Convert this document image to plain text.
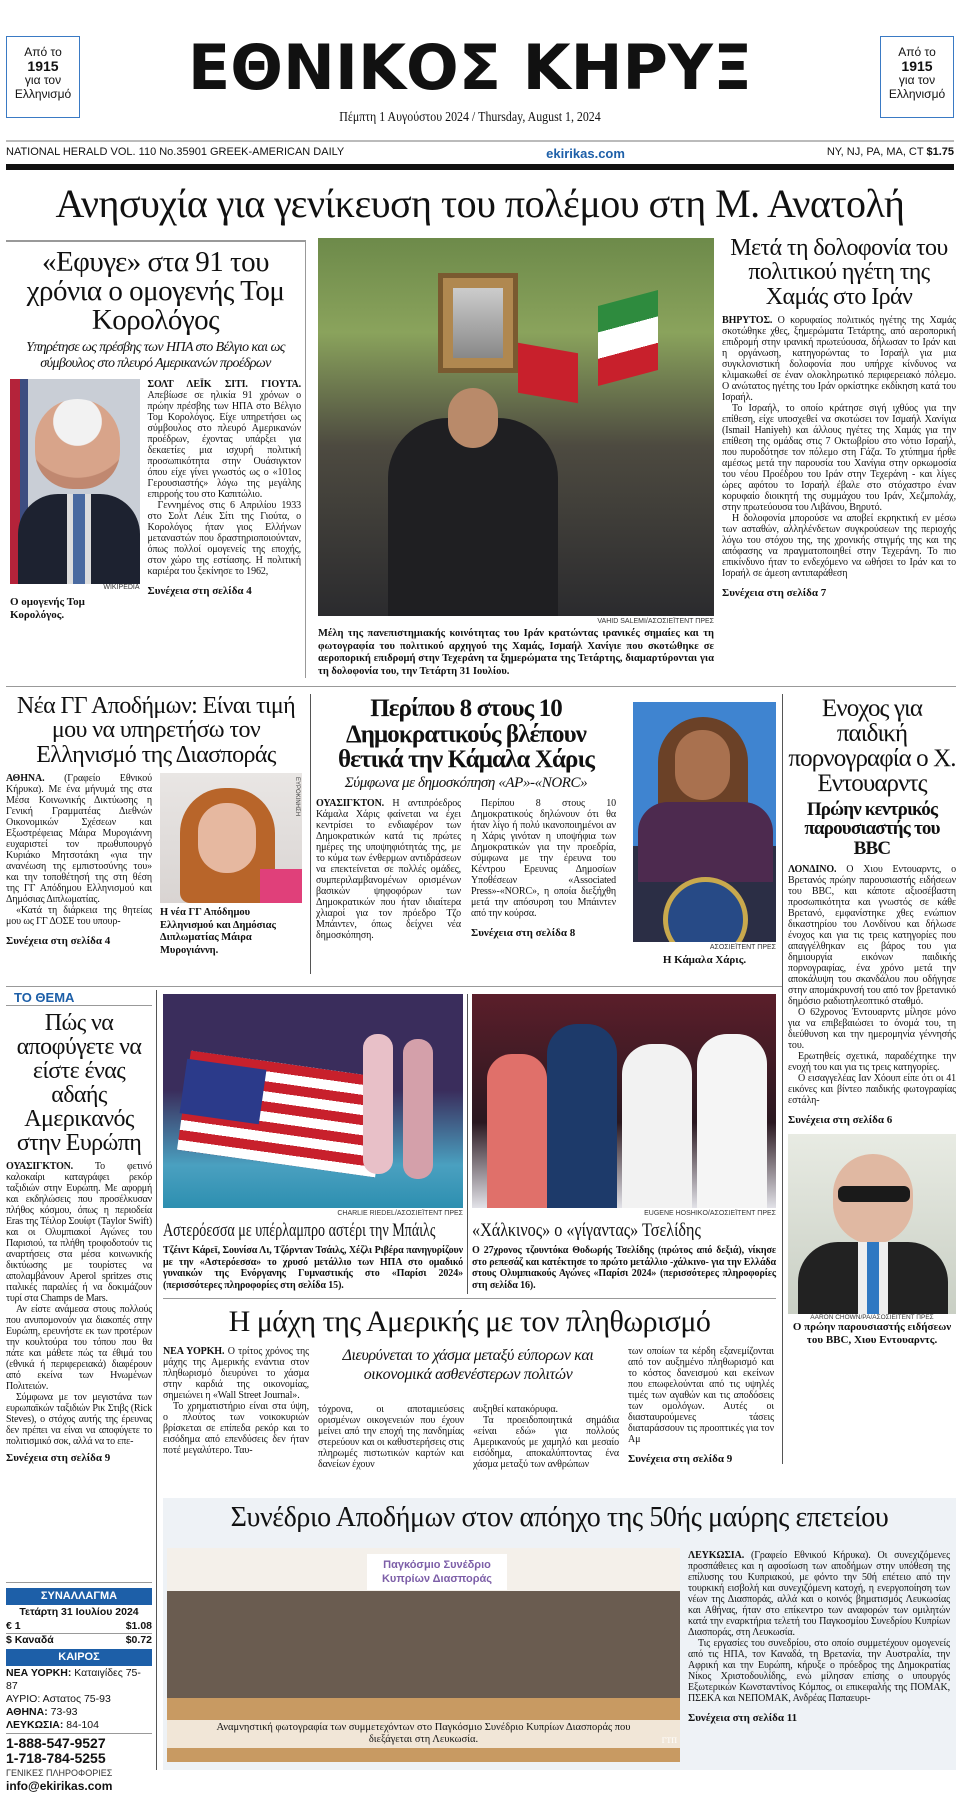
Από το
1915
για τον
Ελληνισμό
Από το
1915
για τον
Ελληνισμό
ΕΘΝΙΚΟΣ ΚΗΡΥΞ
Πέμπτη 1 Αυγούστου 2024 / Thursday, August 1, 2024
NATIONAL HERALD VOL. 110 No.35901 GREEK-AMERICAN DAILY	ekirikas.com	NY, NJ, PA, MA, CT $1.75
Ανησυχία για γενίκευση του πολέμου στη Μ. Ανατολή
«Εφυγε» στα 91 του χρόνια ο ομογενής Τομ Κορολόγος
Υπηρέτησε ως πρέσβης των ΗΠΑ στο Βέλγιο και ως σύμβουλος στο πλευρό Αμερικανών προέδρων
WIKIPEDIA
Ο ομογενής Τομ Κορολόγος.

ΣΟΛΤ ΛΕΪΚ ΣΙΤΙ. ΓΙΟΥΤΑ. Απεβίωσε σε ηλικία 91 χρόνων ο πρώην πρέσβης των ΗΠΑ στο Βέλγιο Τομ Κορολόγος. Είχε υπηρετήσει ως σύμβουλος στο πλευρό Αμερικανών προέδρων, έχοντας υπάρξει για δεκαετίες μια ισχυρή πολιτική προσωπικότητα στην Ουάσιγκτον όπου είχε γίνει γνωστός ως ο «101ος Γερουσιαστής» λόγω της μεγάλης επιρροής του στο Καπιτώλιο.

Γεννημένος στις 6 Απριλίου 1933 στο Σολτ Λέικ Σίτι της Γιούτα, ο Κορολόγος ήταν γιος Ελλήνων μεταναστών που δραστηριοποιούνταν, όπως πολλοί ομογενείς της εποχής, στον χώρο της εστίασης. Η πολιτική καριέρα του ξεκίνησε το 1962,

Συνέχεια στη σελίδα 4
VAHID SALEMI/ΑΣΟΣΙΕΪΤΕΝΤ ΠΡΕΣ
Μέλη της πανεπιστημιακής κοινότητας του Ιράν κρατώντας ιρανικές σημαίες και τη φωτογραφία του πολιτικού αρχηγού της Χαμάς, Ισμαήλ Χανίγιε που σκοτώθηκε σε αεροπορική επιδρομή στην Τεχεράνη τα ξημερώματα της Τετάρτης, διαμαρτύρονται για τη δολοφονία του, την Τετάρτη 31 Ιουλίου.
Μετά τη δολοφονία του πολιτικού ηγέτη της Χαμάς στο Ιράν

ΒΗΡΥΤΟΣ. Ο κορυφαίος πολιτικός ηγέτης της Χαμάς σκοτώθηκε χθες, ξημερώματα Τετάρτης, από αεροπορική επιδρομή στην ιρανική πρωτεύουσα, δήλωσαν το Ιράν και η οργάνωση, κατηγορώντας το Ισραήλ για μια συγκλονιστική δολοφονία που υπήρχε κίνδυνος να κλιμακωθεί σε έναν ολοκληρωτικό περιφερειακό πόλεμο. Ο ανώτατος ηγέτης του Ιράν ορκίστηκε εκδίκηση κατά του Ισραήλ.

Το Ισραήλ, το οποίο κράτησε σιγή ιχθύος για την επίθεση, είχε υποσχεθεί να σκοτώσει τον Ισμαήλ Χανίγια (Ismail Haniyeh) και άλλους ηγέτες της Χαμάς για την επίθεση της ομάδας στις 7 Οκτωβρίου στο νότιο Ισραήλ, που πυροδότησε τον πόλεμο στη Γάζα. Το χτύπημα ήρθε αμέσως μετά την παρουσία του Χανίγια στην ορκωμοσία του νέου Προέδρου του Ιράν στην Τεχεράνη - και λίγες ώρες αφότου το Ισραήλ έβαλε στο στόχαστρο έναν κορυφαίο διοικητή της συμμάχου του Ιράν, Χεζμπολάχ, στην πρωτεύουσα του Λιβάνου, Βηρυτό.

Η δολοφονία μπορούσε να αποβεί εκρηκτική εν μέσω των ασταθών, αλληλένδετων συγκρούσεων της περιοχής λόγω του στόχου της, της χρονικής στιγμής της και της απόφασης να πραγματοποιηθεί στην Τεχεράνη. Το πιο επικίνδυνο ήταν το ενδεχόμενο να ωθήσει το Ιράν και το Ισραήλ σε άμεση αντιπαράθεση

Συνέχεια στη σελίδα 7
Νέα ΓΓ Αποδήμων: Είναι τιμή μου να υπηρετήσω τον Ελληνισμό της Διασποράς

ΑΘΗΝΑ. (Γραφείο Εθνικού Κήρυκα). Με ένα μήνυμά της στα Μέσα Κοινωνικής Δικτύωσης η Γενική Γραμματέας Διεθνών Οικονομικών Σχέσεων και Εξωστρέφειας Μάιρα Μυρογιάννη ευχαριστεί τον πρωθυπουργό Κυριάκο Μητσοτάκη «για την ανανέωση της εμπιστοσύνης του» και την τοποθέτησή της στη θέση της ΓΓ Απόδημου Ελληνισμού και Δημόσιας Διπλωματίας.

«Κατά τη διάρκεια της θητείας μου ως ΓΓ ΔΟΣΕ του υπουρ-

Συνέχεια στη σελίδα 4
ΕΥΡΟΚΙΝΗΣΗ
Η νέα ΓΓ Απόδημου Ελληνισμού και Δημόσιας Διπλωματίας Μάιρα Μυρογιάννη.
Περίπου 8 στους 10 Δημοκρατικούς βλέπουν θετικά την Κάμαλα Χάρις
Σύμφωνα με δημοσκόπηση «AP»-«NORC»

ΟΥΑΣΙΓΚΤΟΝ. Η αντιπρόεδρος Κάμαλα Χάρις φαίνεται να έχει κεντρίσει το ενδιαφέρον των Δημοκρατικών κατά τις πρώτες ημέρες της υποψηφιότητάς της, με το κύμα των ένθερμων αντιδράσεων να επεκτείνεται σε πολλές ομάδες, συμπεριλαμβανομένων ορισμένων βασικών ψηφοφόρων των Δημοκρατικών που ήταν ιδιαίτερα χλιαροί για τον πρόεδρο Τζο Μπάιντεν, όπως δείχνει νέα δημοσκόπηση.

Περίπου 8 στους 10 Δημοκρατικούς δηλώνουν ότι θα ήταν λίγο ή πολύ ικανοποιημένοι αν η Χάρις γινόταν η υποψήφια των Δημοκρατικών για την προεδρία, σύμφωνα με την έρευνα του Κέντρου Ερευνας Δημοσίων Υποθέσεων «Associated Press»-«NORC», η οποία διεξήχθη μετά την απόσυρση του Μπάιντεν από την κούρσα.

Συνέχεια στη σελίδα 8
ΑΣΟΣΙΕΪΤΕΝΤ ΠΡΕΣ
Η Κάμαλα Χάρις.
Ενοχος για παιδική πορνογραφία ο Χ. Εντουαρντς
Πρώην κεντρικός παρουσιαστής του BBC

ΛΟΝΔΙΝΟ. Ο Χιου Εντουαρντς, ο Βρετανός πρώην παρουσιαστής ειδήσεων του BBC, και κάποτε αξιοσέβαστη προσωπικότητα και γνωστός σε κάθε Βρετανό, εμφανίστηκε χθες ενώπιον δικαστηρίου του Λονδίνου και δήλωσε ένοχος και για τις τρεις κατηγορίες που απαγγέλθηκαν εις βάρος του για δημιουργία εικόνων παιδικής πορνογραφίας, ένα χρόνο μετά την αποκάλυψη του σκανδάλου που οδήγησε στην απομάκρυνσή του από τον βρετανικό δημόσιο ραδιοτηλεοπτικό σταθμό.

Ο 62χρονος Έντουαρντς μίλησε μόνο για να επιβεβαιώσει το όνομά του, τη διεύθυνση και την ημερομηνία γέννησής του.

Ερωτηθείς σχετικά, παραδέχτηκε την ενοχή του και για τις τρεις κατηγορίες.

Ο εισαγγελέας Ιαν Χόουπ είπε ότι οι 41 εικόνες και βίντεο παιδικής φωτογραφίας εστάλη-

Συνέχεια στη σελίδα 6
AARON CHOWN/PA/ΑΣΟΣΙΕΪΤΕΝΤ ΠΡΕΣ
Ο πρώην παρουσιαστής ειδήσεων του BBC, Χιου Εντουαρντς.
ΤΟ ΘΕΜΑ
Πώς να αποφύγετε να είστε ένας αδαής Αμερικανός στην Ευρώπη

ΟΥΑΣΙΓΚΤΟΝ. Το φετινό καλοκαίρι καταγράφει ρεκόρ ταξιδιών στην Ευρώπη. Με αφορμή και εκδηλώσεις που προσέλκυσαν πλήθος κόσμου, όπως η περιοδεία Eras της Τέιλορ Σουίφτ (Taylor Swift) και οι Ολυμπιακοί Αγώνες του Παρισιού, τα πλήθη τροφοδοτούν τις αναρτήσεις στα μέσα κοινωνικής δικτύωσης με τουρίστες να απολαμβάνουν Aperol spritzes στις ιταλικές παραλίες ή να δοκιμάζουν τυρί στα Champs de Mars.

Αν είστε ανάμεσα στους πολλούς που ανυπομονούν για διακοπές στην Ευρώπη, ερευνήστε εκ των προτέρων την κουλτούρα του τόπου που θα πάτε και μάθετε πώς τα έθιμά του (εθνικά ή περιφερειακά) διαφέρουν από εκείνα των Ηνωμένων Πολιτειών.

Σύμφωνα με τον μεγιστάνα των ευρωπαϊκών ταξιδιών Ρικ Στιβς (Rick Steves), ο στόχος αυτής της έρευνας δεν πρέπει να είναι να αποφύγετε το πολιτισμικό σοκ, αλλά να το επε-

Συνέχεια στη σελίδα 9
CHARLIE RIEDEL/ΑΣΟΣΙΕΪΤΕΝΤ ΠΡΕΣ
Αστερόεσσα με υπέρλαμπρο αστέρι την Μπάιλς
Τζέιντ Κάρεϊ, Σουνίσα Λι, Τζόρνταν Τσάιλς, Χέζλι Ριβέρα πανηγυρίζουν με την «Αστερόεσσα» το χρυσό μετάλλιο των ΗΠΑ στο ομαδικό γυναικών της Ενόργανης Γυμναστικής στο «Παρίσι 2024» (περισσότερες πληροφορίες στη σελίδα 15).
EUGENE HOSHIKO/ΑΣΟΣΙΕΪΤΕΝΤ ΠΡΕΣ
«Χάλκινος» ο «γίγαντας» Τσελίδης
Ο 27χρονος τζουντόκα Θοδωρής Τσελίδης (πρώτος από δεξιά), νίκησε στο ρεπεσάζ και κατέκτησε το πρώτο μετάλλιο -χάλκινο- για την Ελλάδα στους Ολυμπιακούς Αγώνες «Παρίσι 2024» (περισσότερες πληροφορίες στη σελίδα 16).
Η μάχη της Αμερικής με τον πληθωρισμό

ΝΕΑ ΥΟΡΚΗ. Ο τρίτος χρόνος της μάχης της Αμερικής ενάντια στον πληθωρισμό διευρύνει το χάσμα στην καρδιά της οικονομίας, σημειώνει η «Wall Street Journal».

Το χρηματιστήριο είναι στα ύψη, ο πλούτος των νοικοκυριών βρίσκεται σε επίπεδα ρεκόρ και το εισόδημα από επενδύσεις δεν ήταν ποτέ μεγαλύτερο. Ταυ-

Διευρύνεται το χάσμα μεταξύ εύπορων και οικονομικά ασθενέστερων πολιτών

τόχρονα, οι αποταμιεύσεις ορισμένων οικογενειών που έχουν μείνει από την εποχή της πανδημίας στερεύουν και οι καθυστερήσεις στις πληρωμές πιστωτικών καρτών και δανείων έχουν

αυξηθεί κατακόρυφα.

Τα προειδοποιητικά σημάδια «είναι εδώ» για πολλούς Αμερικανούς με χαμηλό και μεσαίο εισόδημα, αποκαλύπτοντας ένα χάσμα μεταξύ των ανθρώπων

των οποίων τα κέρδη εξανεμίζονται από τον αυξημένο πληθωρισμό και το κόστος δανεισμού και εκείνων που επωφελούνται από τις υψηλές τιμές των αγαθών και τις αποδόσεις των ομολόγων. Αυτές οι διασταυρούμενες τάσεις διαταράσσουν τις προοπτικές για τον Αμ

Συνέχεια στη σελίδα 9
Συνέδριο Αποδήμων στον απόηχο της 50ής μαύρης επετείου
Παγκόσμιο Συνέδριο Κυπρίων Διασποράς
Αναμνηστική φωτογραφία των συμμετεχόντων στο Παγκόσμιο Συνέδριο Κυπρίων Διασποράς που διεξάγεται στη Λευκωσία.	ΓΤΠ

ΛΕΥΚΩΣΙΑ. (Γραφείο Εθνικού Κήρυκα). Οι συνεχιζόμενες προσπάθειες και η αφοσίωση των αποδήμων στην υπόθεση της επίλυσης του Κυπριακού, με φόντο την 50ή επέτειο από την τουρκική εισβολή και συνεχιζόμενη κατοχή, η ενεργοποίηση των νέων της Διασποράς, αλλά και ο κοινός βηματισμός Λευκωσίας και Αθήνας, ήταν στο επίκεντρο των αναφορών των ομιλητών κατά την εναρκτήρια τελετή του Παγκοσμίου Συνεδρίου Κυπρίων Διασποράς, στη Λευκωσία.

Τις εργασίες του συνεδρίου, στο οποίο συμμετέχουν ομογενείς από τις ΗΠΑ, τον Καναδά, τη Βρετανία, την Αυστραλία, την Αφρική και την Ευρώπη, κήρυξε ο πρόεδρος της Δημοκρατίας Νίκος Χριστοδουλίδης, ενώ μίλησαν επίσης ο υπουργός Εξωτερικών Κωνσταντίνος Κόμπος, οι επικεφαλής της ΠΟΜΑΚ, ΠΣΕΚΑ και ΝΕΠΟΜΑΚ, Ανδρέας Παπαευρι-

Συνέχεια στη σελίδα 11
ΣΥΝΑΛΛΑΓΜΑ
Τετάρτη 31 Ιουλίου 2024
€ 1	$1.08
$ Καναδά	$0.72
ΚΑΙΡΟΣ
ΝΕΑ ΥΟΡΚΗ: Καταιγίδες 75-87
ΑΥΡΙΟ: Αστατος 75-93
ΑΘΗΝΑ: 73-93
ΛΕΥΚΩΣΙΑ: 84-104
1-888-547-9527
1-718-784-5255
ΓΕΝΙΚΕΣ ΠΛΗΡΟΦΟΡΙΕΣ
info@ekirikas.com
